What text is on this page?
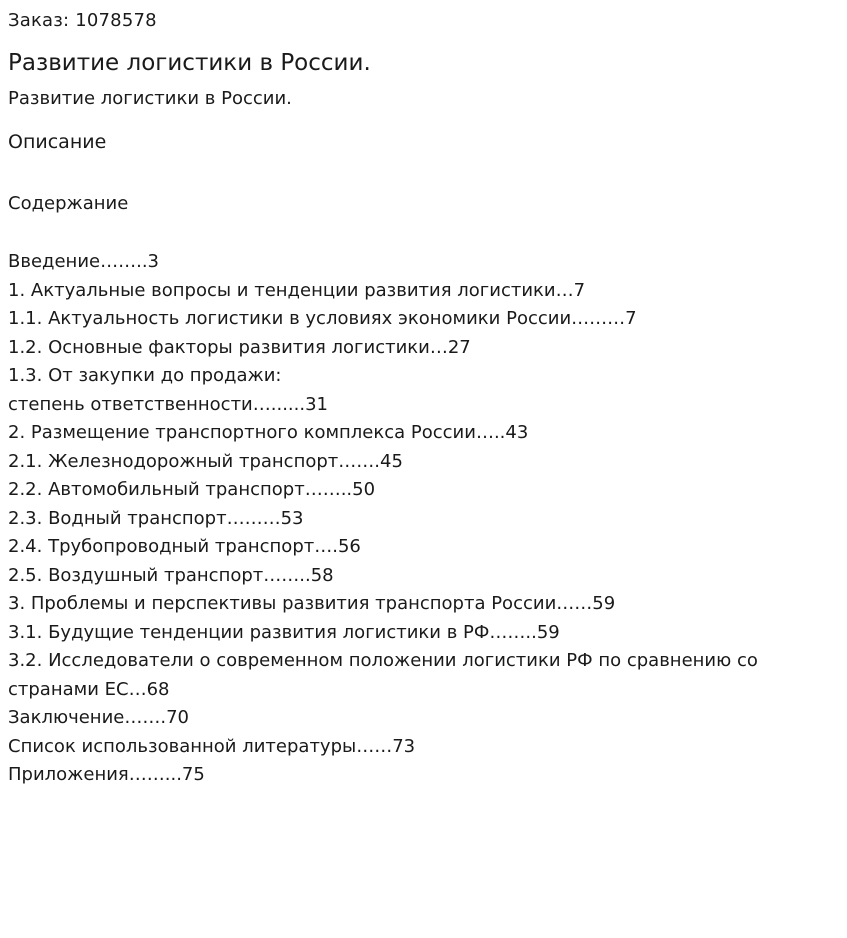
Заказ: 1078578
Развитие логистики в России.
Развитие логистики в России.
Описание
Содержание
Введение……..3
1. Актуальные вопросы и тенденции развития логистики…7
1.1. Актуальность логистики в условиях экономики России………7
1.2. Основные факторы развития логистики…27
1.3. От закупки до продажи:
степень ответственности…......31
2. Размещение транспортного комплекса России…..43
2.1. Железнодорожный транспорт…….45
2.2. Автомобильный транспорт……..50
2.3. Водный транспорт………53
2.4. Трубопроводный транспорт….56
2.5. Воздушный транспорт……..58
3. Проблемы и перспективы развития транспорта России……59
3.1. Будущие тенденции развития логистики в РФ……..59
3.2. Исследователи о современном положении логистики РФ по сравнению со странами ЕС…68
Заключение…….70
Список использованной литературы……73
Приложения……...75
